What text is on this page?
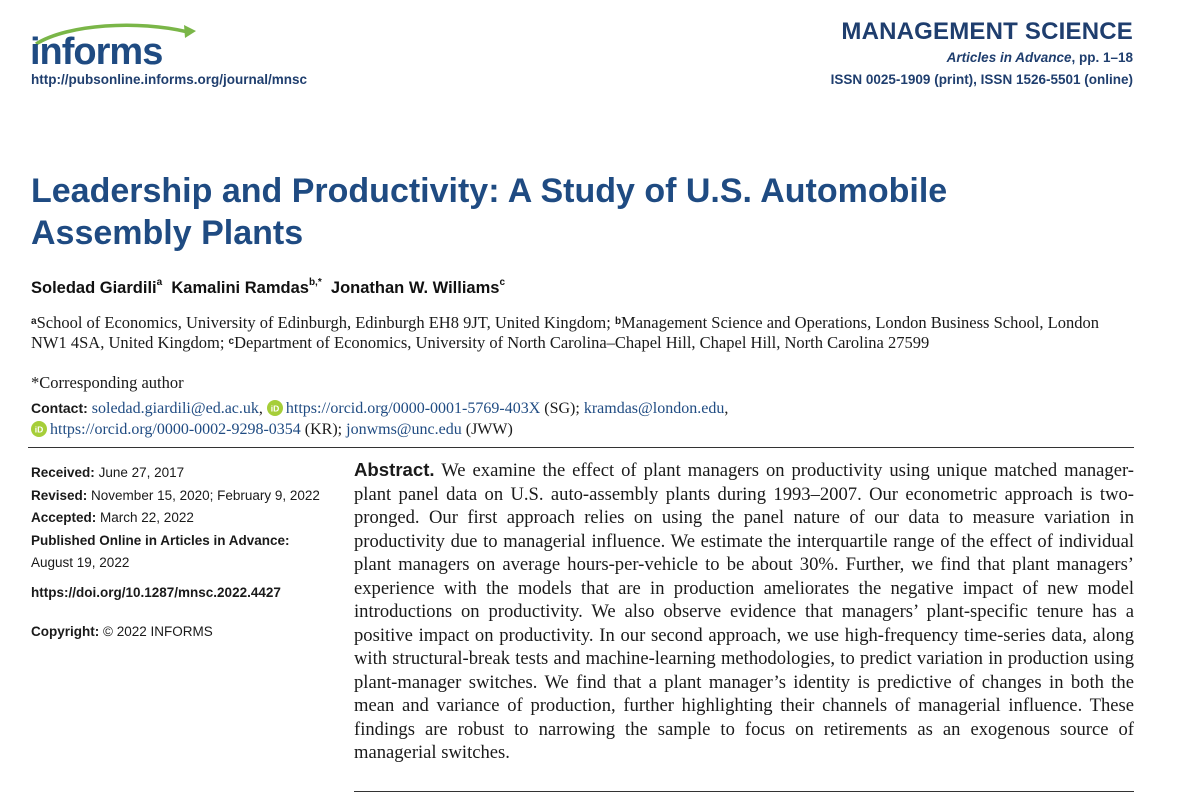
informs
http://pubsonline.informs.org/journal/mnsc
MANAGEMENT SCIENCE
Articles in Advance, pp. 1–18
ISSN 0025-1909 (print), ISSN 1526-5501 (online)
Leadership and Productivity: A Study of U.S. Automobile Assembly Plants
Soledad Giardili$^a$ Kamalini Ramdas$^{b,*}$ Jonathan W. Williams$^c$
$^a$School of Economics, University of Edinburgh, Edinburgh EH8 9JT, United Kingdom; $^b$Management Science and Operations, London Business School, London NW1 4SA, United Kingdom; $^c$Department of Economics, University of North Carolina–Chapel Hill, Chapel Hill, North Carolina 27599
*Corresponding author
Contact: soledad.giardili@ed.ac.uk, iD https://orcid.org/0000-0001-5769-403X (SG); kramdas@london.edu,

iD https://orcid.org/0000-0002-9298-0354 (KR); jonwms@unc.edu (JWW)
Received: June 27, 2017
Revised: November 15, 2020; February 9, 2022
Accepted: March 22, 2022
Published Online in Articles in Advance:
August 19, 2022
https://doi.org/10.1287/mnsc.2022.4427
Copyright: © 2022 INFORMS
Abstract. We examine the effect of plant managers on productivity using unique matched manager-plant panel data on U.S. auto-assembly plants during 1993–2007. Our econometric approach is two-pronged. Our first approach relies on using the panel nature of our data to measure variation in productivity due to managerial influence. We estimate the interquartile range of the effect of individual plant managers on average hours-per-vehicle to be about 30%. Further, we find that plant managers’ experience with the models that are in production ameliorates the negative impact of new model introductions on productivity. We also observe evidence that managers’ plant-specific tenure has a positive impact on productivity. In our second approach, we use high-frequency time-series data, along with structural-break tests and machine-learning methodologies, to predict variation in production using plant-manager switches. We find that a plant manager’s identity is predictive of changes in both the mean and variance of production, further highlighting their channels of managerial influence. These findings are robust to narrowing the sample to focus on retirements as an exogenous source of managerial switches.
